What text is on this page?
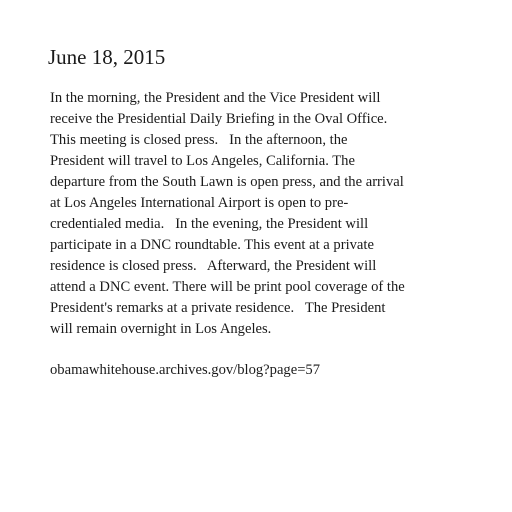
June 18, 2015

In the morning, the President and the Vice President will
receive the Presidential Daily Briefing in the Oval Office.
This meeting is closed press.   In the afternoon, the
President will travel to Los Angeles, California. The
departure from the South Lawn is open press, and the arrival
at Los Angeles International Airport is open to pre-
credentialed media.   In the evening, the President will
participate in a DNC roundtable. This event at a private
residence is closed press.   Afterward, the President will
attend a DNC event. There will be print pool coverage of the
President's remarks at a private residence.   The President
will remain overnight in Los Angeles.

obamawhitehouse.archives.gov/blog?page=57
